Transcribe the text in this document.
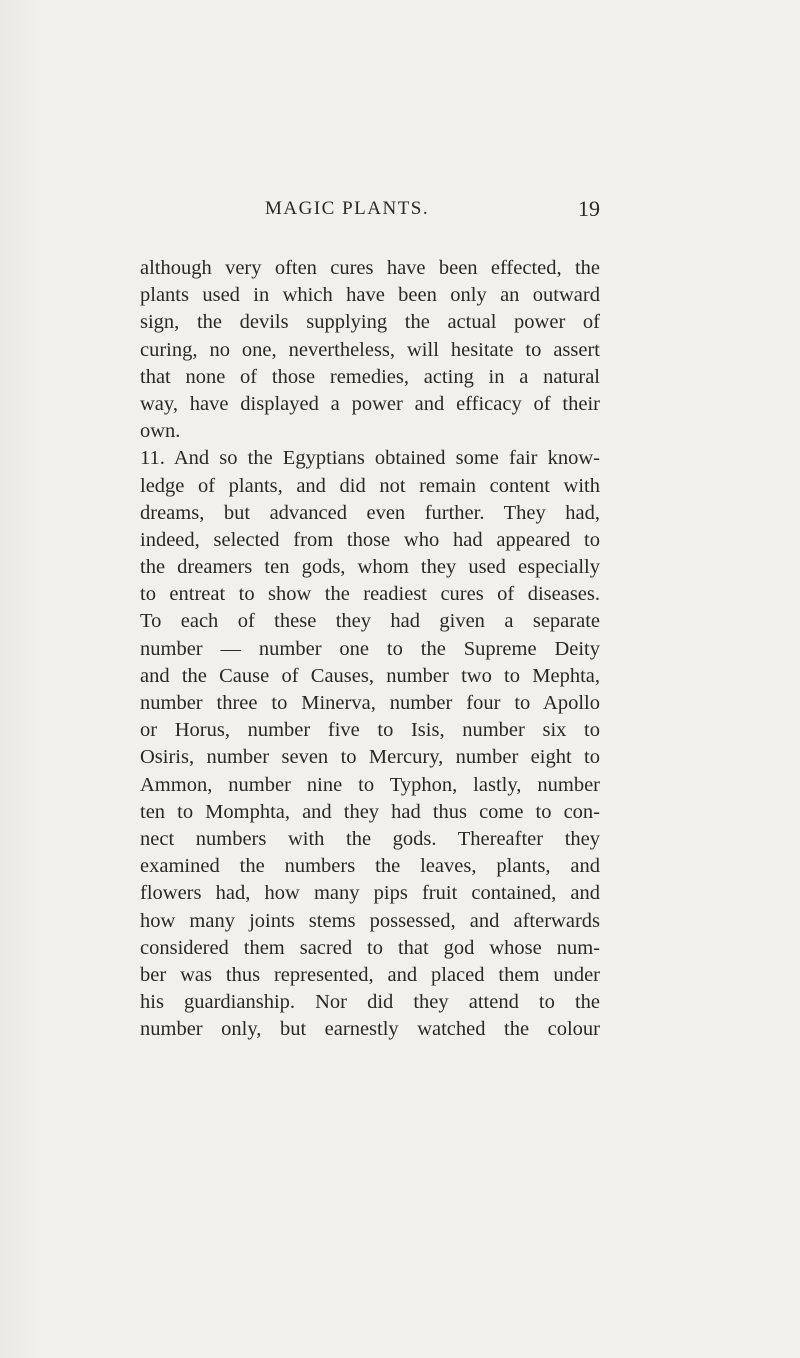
MAGIC PLANTS.	19
although very often cures have been effected, the
plants used in which have been only an outward
sign, the devils supplying the actual power of
curing, no one, nevertheless, will hesitate to assert
that none of those remedies, acting in a natural
way, have displayed a power and efficacy of their
own.
11. And so the Egyptians obtained some fair know-
ledge of plants, and did not remain content with
dreams, but advanced even further. They had,
indeed, selected from those who had appeared to
the dreamers ten gods, whom they used especially
to entreat to show the readiest cures of diseases.
To each of these they had given a separate
number — number one to the Supreme Deity
and the Cause of Causes, number two to Mephta,
number three to Minerva, number four to Apollo
or Horus, number five to Isis, number six to
Osiris, number seven to Mercury, number eight to
Ammon, number nine to Typhon, lastly, number
ten to Momphta, and they had thus come to con-
nect numbers with the gods. Thereafter they
examined the numbers the leaves, plants, and
flowers had, how many pips fruit contained, and
how many joints stems possessed, and afterwards
considered them sacred to that god whose num-
ber was thus represented, and placed them under
his guardianship. Nor did they attend to the
number only, but earnestly watched the colour
